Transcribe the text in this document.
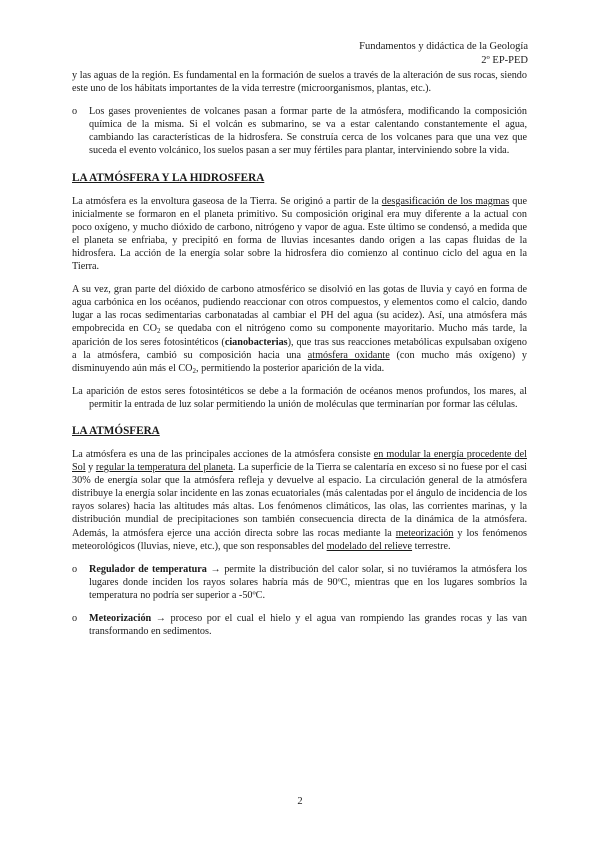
Fundamentos y didáctica de la Geología
2º EP-PED

y las aguas de la región. Es fundamental en la formación de suelos a través de la alteración de sus rocas, siendo este uno de los hábitats importantes de la vida terrestre (microorganismos, plantas, etc.).

o	Los gases provenientes de volcanes pasan a formar parte de la atmósfera, modificando la composición química de la misma. Si el volcán es submarino, se va a estar calentando constantemente el agua, cambiando las características de la hidrosfera. Se construía cerca de los volcanes para que una vez que suceda el evento volcánico, los suelos pasan a ser muy fértiles para plantar, interviniendo sobre la vida.

LA ATMÓSFERA Y LA HIDROSFERA

La atmósfera es la envoltura gaseosa de la Tierra. Se originó a partir de la desgasificación de los magmas que inicialmente se formaron en el planeta primitivo. Su composición original era muy diferente a la actual con poco oxígeno, y mucho dióxido de carbono, nitrógeno y vapor de agua. Este último se condensó, a medida que el planeta se enfriaba, y precipitó en forma de lluvias incesantes dando origen a las capas fluidas de la hidrosfera. La acción de la energía solar sobre la hidrosfera dio comienzo al continuo ciclo del agua en la Tierra.

A su vez, gran parte del dióxido de carbono atmosférico se disolvió en las gotas de lluvia y cayó en forma de agua carbónica en los océanos, pudiendo reaccionar con otros compuestos, y elementos como el calcio, dando lugar a las rocas sedimentarias carbonatadas al cambiar el PH del agua (su acidez). Así, una atmósfera más empobrecida en $CO_2$ se quedaba con el nitrógeno como su componente mayoritario. Mucho más tarde, la aparición de los seres fotosintéticos (cianobacterias), que tras sus reacciones metabólicas expulsaban oxígeno a la atmósfera, cambió su composición hacia una atmósfera oxidante (con mucho más oxígeno) y disminuyendo aún más el $CO_2$, permitiendo la posterior aparición de la vida.

La aparición de estos seres fotosintéticos se debe a la formación de océanos menos profundos, los mares, al permitir la entrada de luz solar permitiendo la unión de moléculas que terminarían por formar las células.

LA ATMÓSFERA

La atmósfera es una de las principales acciones de la atmósfera consiste en modular la energía procedente del Sol y regular la temperatura del planeta. La superficie de la Tierra se calentaría en exceso si no fuese por el casi 30% de energía solar que la atmósfera refleja y devuelve al espacio. La circulación general de la atmósfera distribuye la energía solar incidente en las zonas ecuatoriales (más calentadas por el ángulo de incidencia de los rayos solares) hacia las altitudes más altas. Los fenómenos climáticos, las olas, las corrientes marinas, y la distribución mundial de precipitaciones son también consecuencia directa de la dinámica de la atmósfera. Además, la atmósfera ejerce una acción directa sobre las rocas mediante la meteorización y los fenómenos meteorológicos (lluvias, nieve, etc.), que son responsables del modelado del relieve terrestre.

o	Regulador de temperatura → permite la distribución del calor solar, si no tuviéramos la atmósfera los lugares donde inciden los rayos solares habría más de 90ºC, mientras que en los lugares sombríos la temperatura no podría ser superior a -50ºC.
o	Meteorización → proceso por el cual el hielo y el agua van rompiendo las grandes rocas y las van transformando en sedimentos.
2
